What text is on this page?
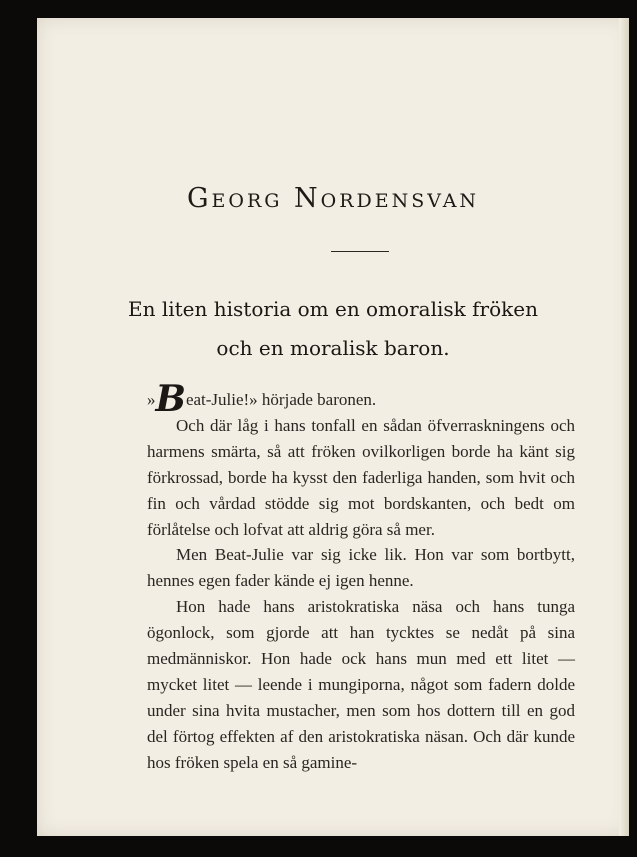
Georg Nordensvan
En liten historia om en omoralisk fröken
och en moralisk baron.

»Beat-Julie!» hörjade baronen.

Och där låg i hans tonfall en sådan öfverraskningens och harmens smärta, så att fröken ovilkorligen borde ha känt sig förkrossad, borde ha kysst den faderliga handen, som hvit och fin och vårdad stödde sig mot bordskanten, och bedt om förlåtelse och lofvat att aldrig göra så mer.

Men Beat-Julie var sig icke lik. Hon var som bortbytt, hennes egen fader kände ej igen henne.

Hon hade hans aristokratiska näsa och hans tunga ögonlock, som gjorde att han tycktes se nedåt på sina medmänniskor. Hon hade ock hans mun med ett litet — mycket litet — leende i mungiporna, något som fadern dolde under sina hvita mustacher, men som hos dottern till en god del förtog effekten af den aristokratiska näsan. Och där kunde hos fröken spela en så gamine-
